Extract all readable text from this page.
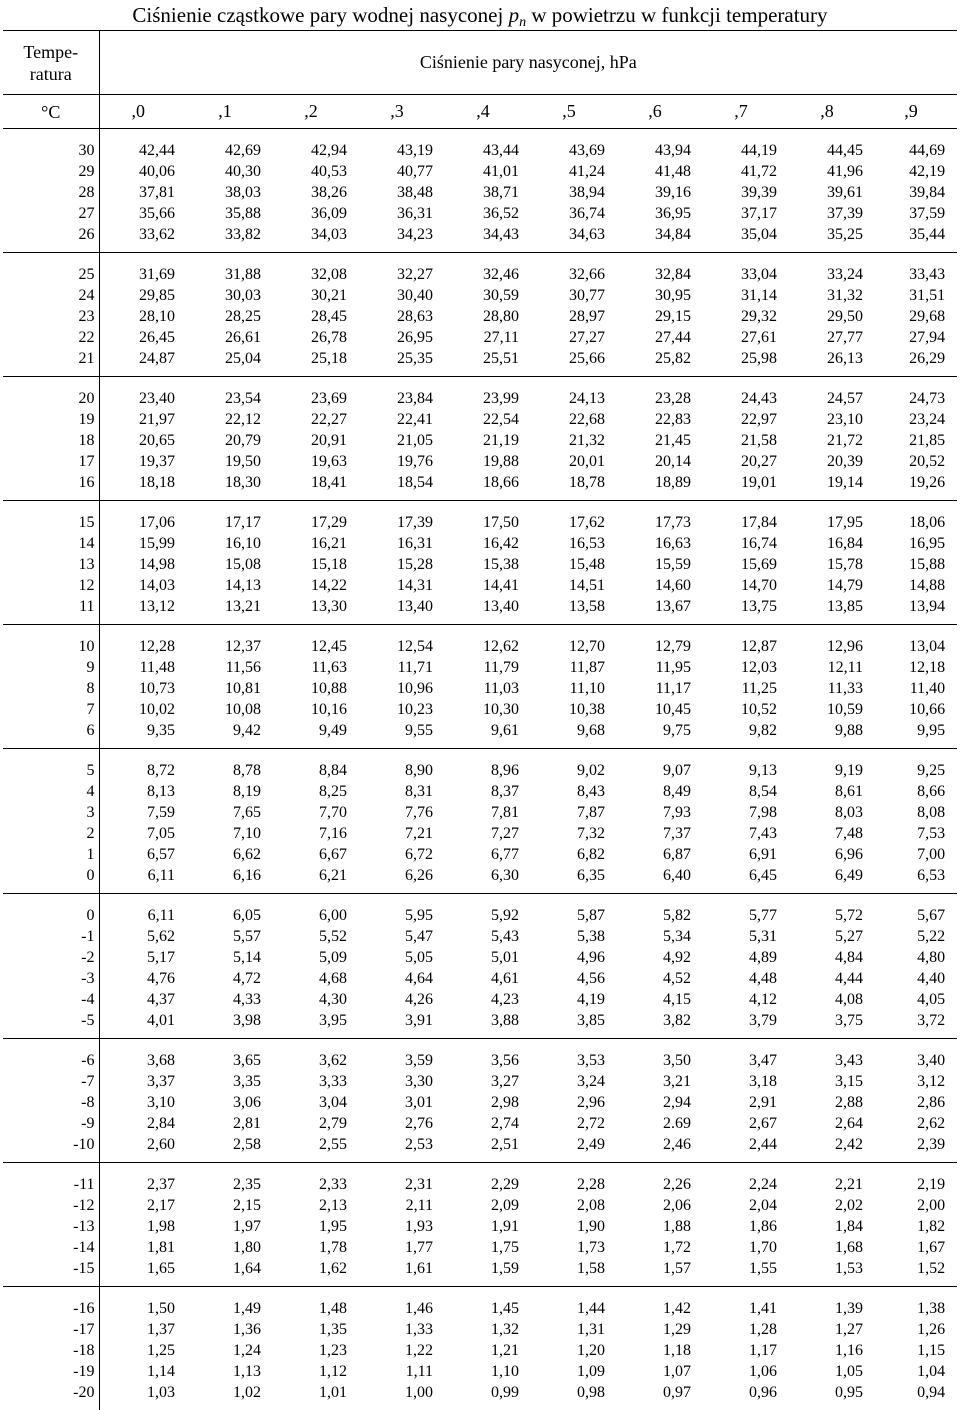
Ciśnienie cząstkowe pary wodnej nasyconej $p_n$ w powietrzu w funkcji temperatury
Tempe-
ratura	Ciśnienie pary nasyconej, hPa									
°C	,0	,1	,2	,3	,4	,5	,6	,7	,8	,9
30	42,44	42,69	42,94	43,19	43,44	43,69	43,94	44,19	44,45	44,69
29	40,06	40,30	40,53	40,77	41,01	41,24	41,48	41,72	41,96	42,19
28	37,81	38,03	38,26	38,48	38,71	38,94	39,16	39,39	39,61	39,84
27	35,66	35,88	36,09	36,31	36,52	36,74	36,95	37,17	37,39	37,59
26	33,62	33,82	34,03	34,23	34,43	34,63	34,84	35,04	35,25	35,44
25	31,69	31,88	32,08	32,27	32,46	32,66	32,84	33,04	33,24	33,43
24	29,85	30,03	30,21	30,40	30,59	30,77	30,95	31,14	31,32	31,51
23	28,10	28,25	28,45	28,63	28,80	28,97	29,15	29,32	29,50	29,68
22	26,45	26,61	26,78	26,95	27,11	27,27	27,44	27,61	27,77	27,94
21	24,87	25,04	25,18	25,35	25,51	25,66	25,82	25,98	26,13	26,29
20	23,40	23,54	23,69	23,84	23,99	24,13	23,28	24,43	24,57	24,73
19	21,97	22,12	22,27	22,41	22,54	22,68	22,83	22,97	23,10	23,24
18	20,65	20,79	20,91	21,05	21,19	21,32	21,45	21,58	21,72	21,85
17	19,37	19,50	19,63	19,76	19,88	20,01	20,14	20,27	20,39	20,52
16	18,18	18,30	18,41	18,54	18,66	18,78	18,89	19,01	19,14	19,26
15	17,06	17,17	17,29	17,39	17,50	17,62	17,73	17,84	17,95	18,06
14	15,99	16,10	16,21	16,31	16,42	16,53	16,63	16,74	16,84	16,95
13	14,98	15,08	15,18	15,28	15,38	15,48	15,59	15,69	15,78	15,88
12	14,03	14,13	14,22	14,31	14,41	14,51	14,60	14,70	14,79	14,88
11	13,12	13,21	13,30	13,40	13,40	13,58	13,67	13,75	13,85	13,94
10	12,28	12,37	12,45	12,54	12,62	12,70	12,79	12,87	12,96	13,04
9	11,48	11,56	11,63	11,71	11,79	11,87	11,95	12,03	12,11	12,18
8	10,73	10,81	10,88	10,96	11,03	11,10	11,17	11,25	11,33	11,40
7	10,02	10,08	10,16	10,23	10,30	10,38	10,45	10,52	10,59	10,66
6	9,35	9,42	9,49	9,55	9,61	9,68	9,75	9,82	9,88	9,95
5	8,72	8,78	8,84	8,90	8,96	9,02	9,07	9,13	9,19	9,25
4	8,13	8,19	8,25	8,31	8,37	8,43	8,49	8,54	8,61	8,66
3	7,59	7,65	7,70	7,76	7,81	7,87	7,93	7,98	8,03	8,08
2	7,05	7,10	7,16	7,21	7,27	7,32	7,37	7,43	7,48	7,53
1	6,57	6,62	6,67	6,72	6,77	6,82	6,87	6,91	6,96	7,00
0	6,11	6,16	6,21	6,26	6,30	6,35	6,40	6,45	6,49	6,53
0	6,11	6,05	6,00	5,95	5,92	5,87	5,82	5,77	5,72	5,67
-1	5,62	5,57	5,52	5,47	5,43	5,38	5,34	5,31	5,27	5,22
-2	5,17	5,14	5,09	5,05	5,01	4,96	4,92	4,89	4,84	4,80
-3	4,76	4,72	4,68	4,64	4,61	4,56	4,52	4,48	4,44	4,40
-4	4,37	4,33	4,30	4,26	4,23	4,19	4,15	4,12	4,08	4,05
-5	4,01	3,98	3,95	3,91	3,88	3,85	3,82	3,79	3,75	3,72
-6	3,68	3,65	3,62	3,59	3,56	3,53	3,50	3,47	3,43	3,40
-7	3,37	3,35	3,33	3,30	3,27	3,24	3,21	3,18	3,15	3,12
-8	3,10	3,06	3,04	3,01	2,98	2,96	2,94	2,91	2,88	2,86
-9	2,84	2,81	2,79	2,76	2,74	2,72	2.69	2,67	2,64	2,62
-10	2,60	2,58	2,55	2,53	2,51	2,49	2,46	2,44	2,42	2,39
-11	2,37	2,35	2,33	2,31	2,29	2,28	2,26	2,24	2,21	2,19
-12	2,17	2,15	2,13	2,11	2,09	2,08	2,06	2,04	2,02	2,00
-13	1,98	1,97	1,95	1,93	1,91	1,90	1,88	1,86	1,84	1,82
-14	1,81	1,80	1,78	1,77	1,75	1,73	1,72	1,70	1,68	1,67
-15	1,65	1,64	1,62	1,61	1,59	1,58	1,57	1,55	1,53	1,52
-16	1,50	1,49	1,48	1,46	1,45	1,44	1,42	1,41	1,39	1,38
-17	1,37	1,36	1,35	1,33	1,32	1,31	1,29	1,28	1,27	1,26
-18	1,25	1,24	1,23	1,22	1,21	1,20	1,18	1,17	1,16	1,15
-19	1,14	1,13	1,12	1,11	1,10	1,09	1,07	1,06	1,05	1,04
-20	1,03	1,02	1,01	1,00	0,99	0,98	0,97	0,96	0,95	0,94
